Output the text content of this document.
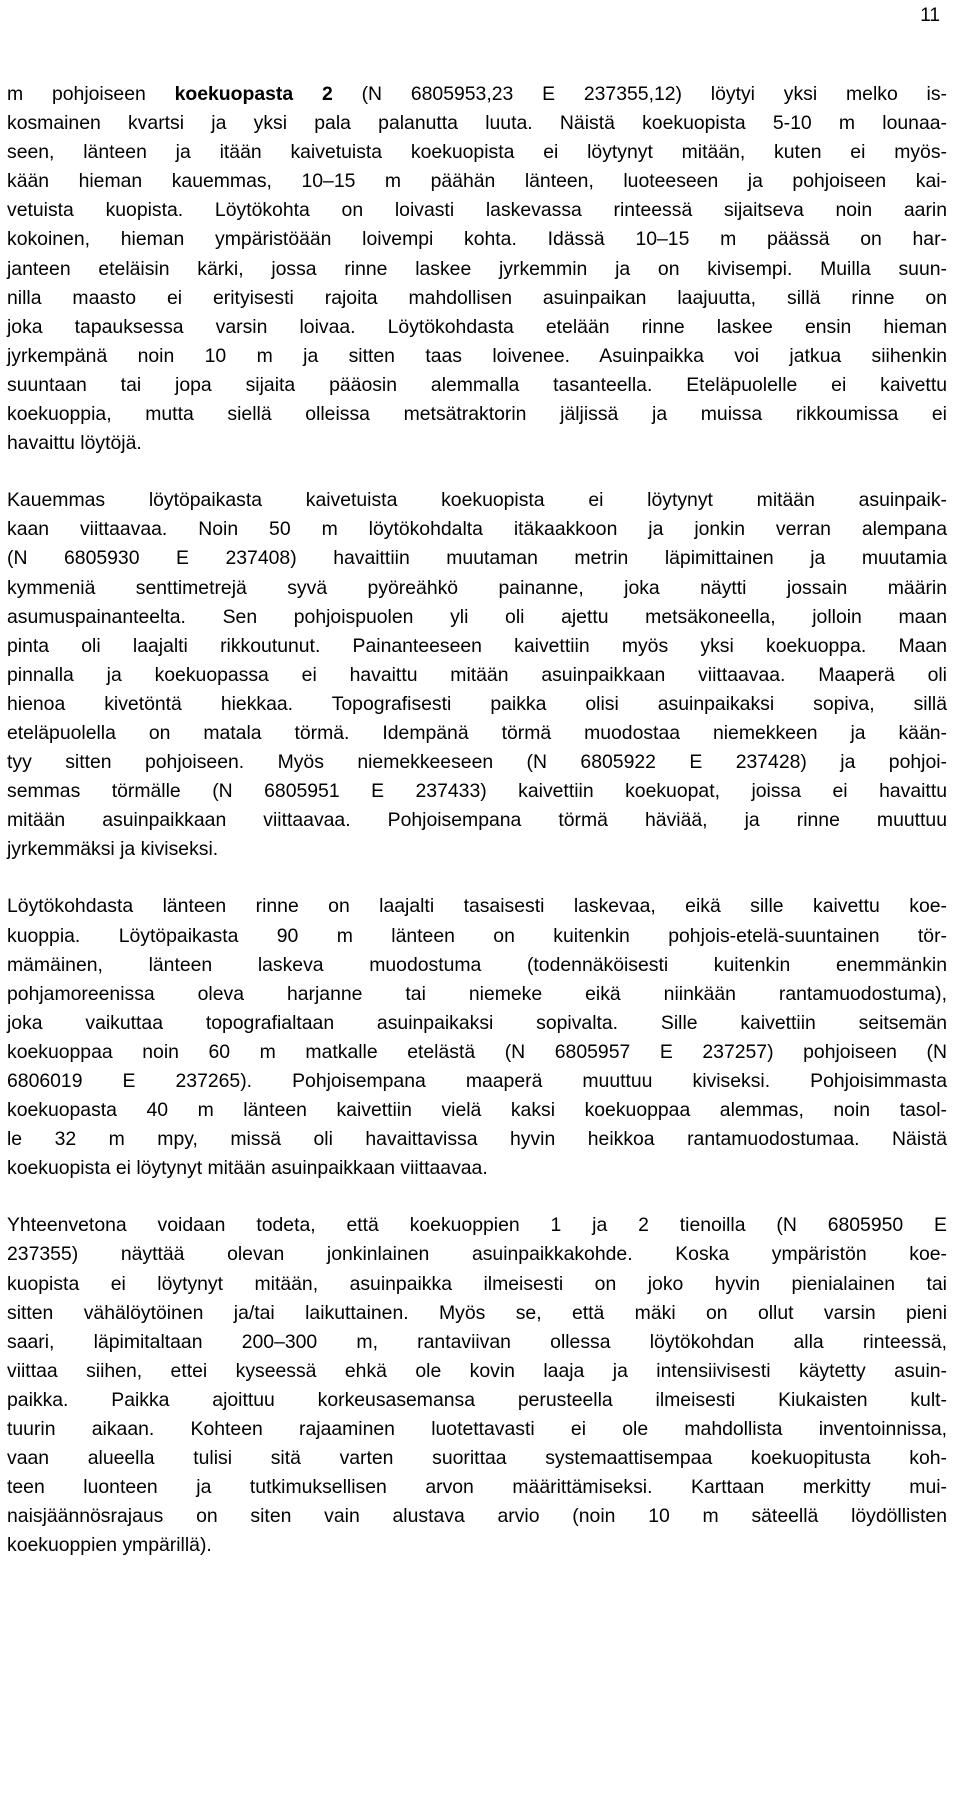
11
m pohjoiseen koekuopasta 2 (N 6805953,23 E 237355,12) löytyi yksi melko is-
kosmainen kvartsi ja yksi pala palanutta luuta. Näistä koekuopista 5-10 m lounaa-
seen, länteen ja itään kaivetuista koekuopista ei löytynyt mitään, kuten ei myös-
kään hieman kauemmas, 10–15 m päähän länteen, luoteeseen ja pohjoiseen kai-
vetuista kuopista. Löytökohta on loivasti laskevassa rinteessä sijaitseva noin aarin
kokoinen, hieman ympäristöään loivempi kohta. Idässä 10–15 m päässä on har-
janteen eteläisin kärki, jossa rinne laskee jyrkemmin ja on kivisempi. Muilla suun-
nilla maasto ei erityisesti rajoita mahdollisen asuinpaikan laajuutta, sillä rinne on
joka tapauksessa varsin loivaa. Löytökohdasta etelään rinne laskee ensin hieman
jyrkempänä noin 10 m ja sitten taas loivenee. Asuinpaikka voi jatkua siihenkin
suuntaan tai jopa sijaita pääosin alemmalla tasanteella. Eteläpuolelle ei kaivettu
koekuoppia, mutta siellä olleissa metsätraktorin jäljissä ja muissa rikkoumissa ei
havaittu löytöjä.
Kauemmas löytöpaikasta kaivetuista koekuopista ei löytynyt mitään asuinpaik-
kaan viittaavaa. Noin 50 m löytökohdalta itäkaakkoon ja jonkin verran alempana
(N 6805930 E 237408) havaittiin muutaman metrin läpimittainen ja muutamia
kymmeniä senttimetrejä syvä pyöreähkö painanne, joka näytti jossain määrin
asumuspainanteelta. Sen pohjoispuolen yli oli ajettu metsäkoneella, jolloin maan
pinta oli laajalti rikkoutunut. Painanteeseen kaivettiin myös yksi koekuoppa. Maan
pinnalla ja koekuopassa ei havaittu mitään asuinpaikkaan viittaavaa. Maaperä oli
hienoa kivetöntä hiekkaa. Topografisesti paikka olisi asuinpaikaksi sopiva, sillä
eteläpuolella on matala törmä. Idempänä törmä muodostaa niemekkeen ja kään-
tyy sitten pohjoiseen. Myös niemekkeeseen (N 6805922 E 237428) ja pohjoi-
semmas törmälle (N 6805951 E 237433) kaivettiin koekuopat, joissa ei havaittu
mitään asuinpaikkaan viittaavaa. Pohjoisempana törmä häviää, ja rinne muuttuu
jyrkemmäksi ja kiviseksi.
Löytökohdasta länteen rinne on laajalti tasaisesti laskevaa, eikä sille kaivettu koe-
kuoppia. Löytöpaikasta 90 m länteen on kuitenkin pohjois-etelä-suuntainen tör-
mämäinen, länteen laskeva muodostuma (todennäköisesti kuitenkin enemmänkin
pohjamoreenissa oleva harjanne tai niemeke eikä niinkään rantamuodostuma),
joka vaikuttaa topografialtaan asuinpaikaksi sopivalta. Sille kaivettiin seitsemän
koekuoppaa noin 60 m matkalle etelästä (N 6805957 E 237257) pohjoiseen (N
6806019 E 237265). Pohjoisempana maaperä muuttuu kiviseksi. Pohjoisimmasta
koekuopasta 40 m länteen kaivettiin vielä kaksi koekuoppaa alemmas, noin tasol-
le 32 m mpy, missä oli havaittavissa hyvin heikkoa rantamuodostumaa. Näistä
koekuopista ei löytynyt mitään asuinpaikkaan viittaavaa.
Yhteenvetona voidaan todeta, että koekuoppien 1 ja 2 tienoilla (N 6805950 E
237355) näyttää olevan jonkinlainen asuinpaikkakohde. Koska ympäristön koe-
kuopista ei löytynyt mitään, asuinpaikka ilmeisesti on joko hyvin pienialainen tai
sitten vähälöytöinen ja/tai laikuttainen. Myös se, että mäki on ollut varsin pieni
saari, läpimitaltaan 200–300 m, rantaviivan ollessa löytökohdan alla rinteessä,
viittaa siihen, ettei kyseessä ehkä ole kovin laaja ja intensiivisesti käytetty asuin-
paikka. Paikka ajoittuu korkeusasemansa perusteella ilmeisesti Kiukaisten kult-
tuurin aikaan. Kohteen rajaaminen luotettavasti ei ole mahdollista inventoinnissa,
vaan alueella tulisi sitä varten suorittaa systemaattisempaa koekuopitusta koh-
teen luonteen ja tutkimuksellisen arvon määrittämiseksi. Karttaan merkitty mui-
naisjäännösrajaus on siten vain alustava arvio (noin 10 m säteellä löydöllisten
koekuoppien ympärillä).
